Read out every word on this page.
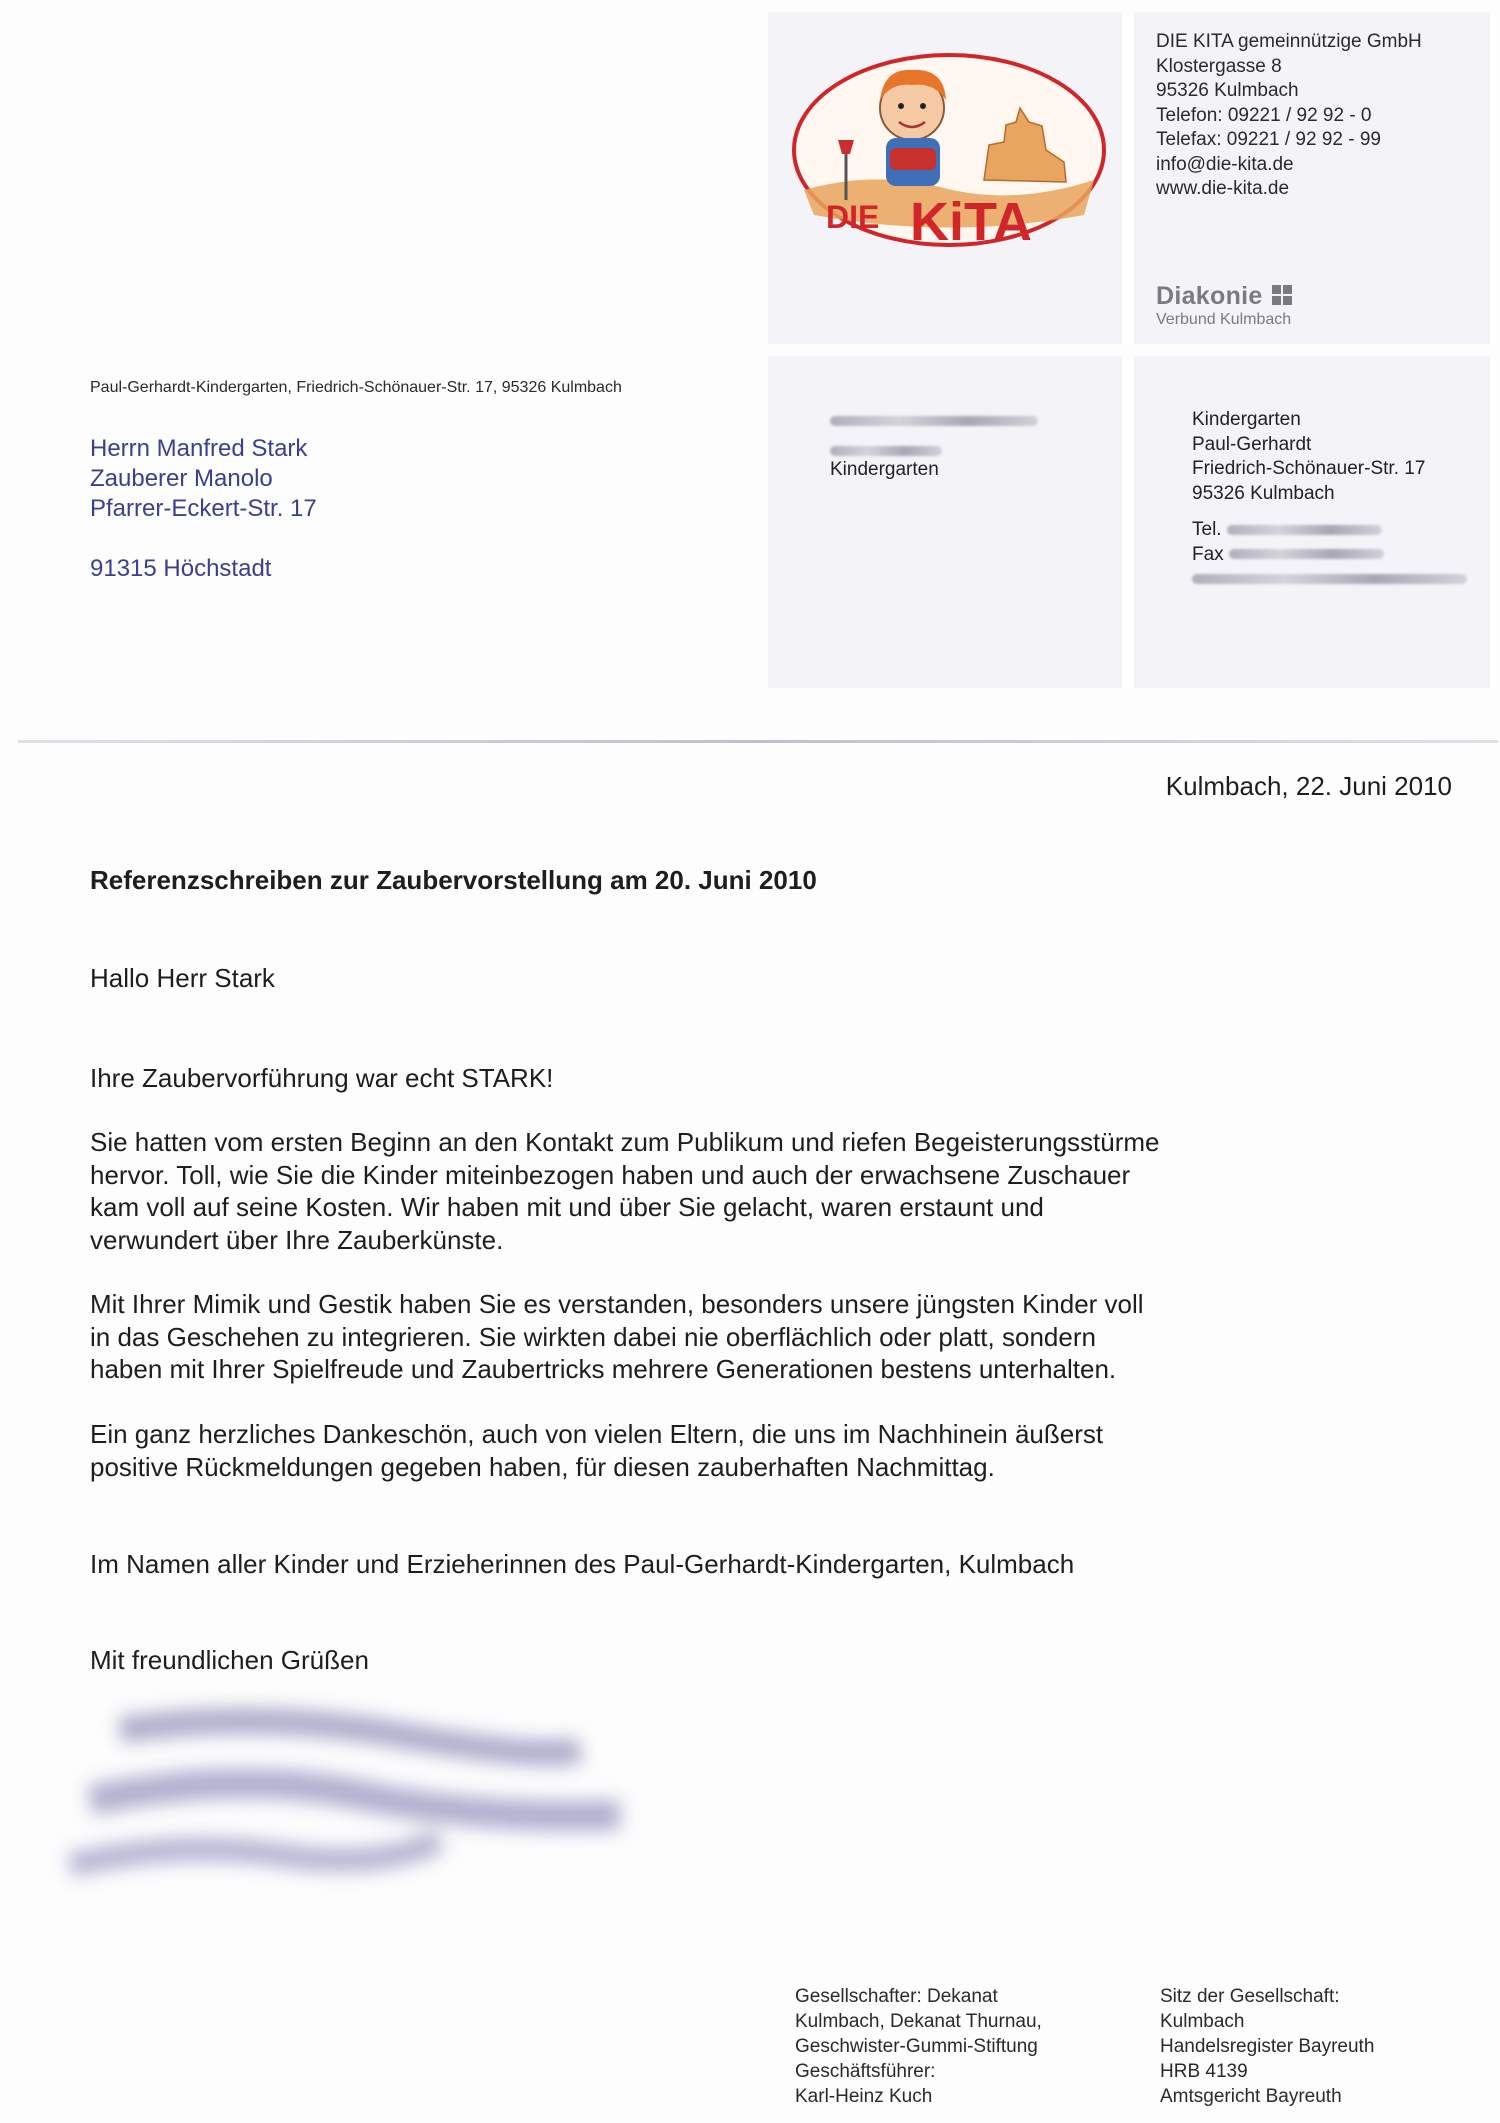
DIE KiTA
DIE KITA gemeinnützige GmbH
Klostergasse 8
95326 Kulmbach
Telefon: 09221 / 92 92 - 0
Telefax: 09221 / 92 92 - 99
info@die-kita.de
www.die-kita.de
Diakonie
Verbund Kulmbach
Paul-Gerhardt-Kindergarten, Friedrich-Schönauer-Str. 17, 95326 Kulmbach
Herrn Manfred Stark
Zauberer Manolo
Pfarrer-Eckert-Str. 17
91315 Höchstadt

Kindergarten
Kindergarten
Paul-Gerhardt
Friedrich-Schönauer-Str. 17
95326 Kulmbach
Tel.
Fax
Kulmbach, 22. Juni 2010
Referenzschreiben zur Zaubervorstellung am 20. Juni 2010
Hallo Herr Stark
Ihre Zaubervorführung war echt STARK!
Sie hatten vom ersten Beginn an den Kontakt zum Publikum und riefen Begeisterungsstürme
hervor. Toll, wie Sie die Kinder miteinbezogen haben und auch der erwachsene Zuschauer
kam voll auf seine Kosten. Wir haben mit und über Sie gelacht, waren erstaunt und
verwundert über Ihre Zauberkünste.
Mit Ihrer Mimik und Gestik haben Sie es verstanden, besonders unsere jüngsten Kinder voll
in das Geschehen zu integrieren. Sie wirkten dabei nie oberflächlich oder platt, sondern
haben mit Ihrer Spielfreude und Zaubertricks mehrere Generationen bestens unterhalten.
Ein ganz herzliches Dankeschön, auch von vielen Eltern, die uns im Nachhinein äußerst
positive Rückmeldungen gegeben haben, für diesen zauberhaften Nachmittag.
Im Namen aller Kinder und Erzieherinnen des Paul-Gerhardt-Kindergarten, Kulmbach
Mit freundlichen Grüßen
Gesellschafter: Dekanat
Kulmbach, Dekanat Thurnau,
Geschwister-Gummi-Stiftung
Geschäftsführer:
Karl-Heinz Kuch
Sitz der Gesellschaft:
Kulmbach
Handelsregister Bayreuth
HRB 4139
Amtsgericht Bayreuth
